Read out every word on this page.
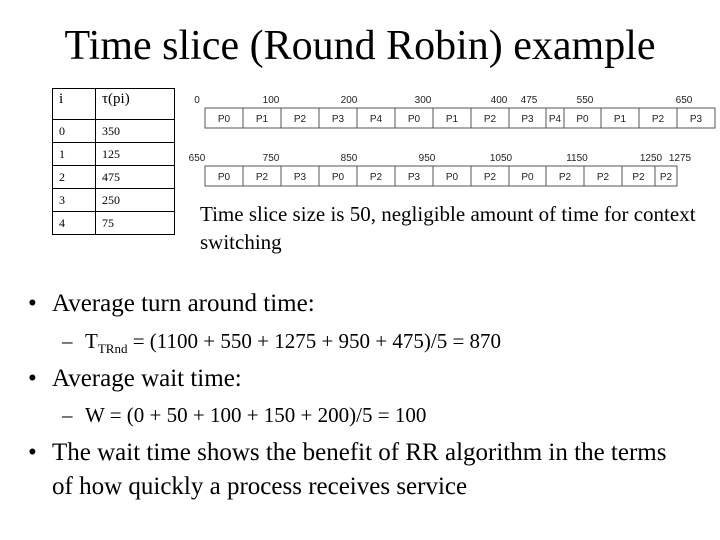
Time slice (Round Robin) example
i	τ(pi)
0	350
1	125
2	475
3	250
4	75
0	100	200	300	400 475	550	650
P0	P1	P2	P3	P4	P0	P1	P2	P3 P4 P0	P1	P2	P3
650	750	850	950	1050	1150	1250 1275
P0	P2	P3	P0	P2	P3	P0	P2	P0	P2	P2 P2 P2
Time slice size is 50, negligible amount of time for context switching
• Average turn around time:
– $T_{TRnd} = (1100 + 550 + 1275 + 950 + 475)/5 = 870$
• Average wait time:
– W = (0 + 50 + 100 + 150 + 200)/5 = 100
• The wait time shows the benefit of RR algorithm in the terms of how quickly a process receives service
